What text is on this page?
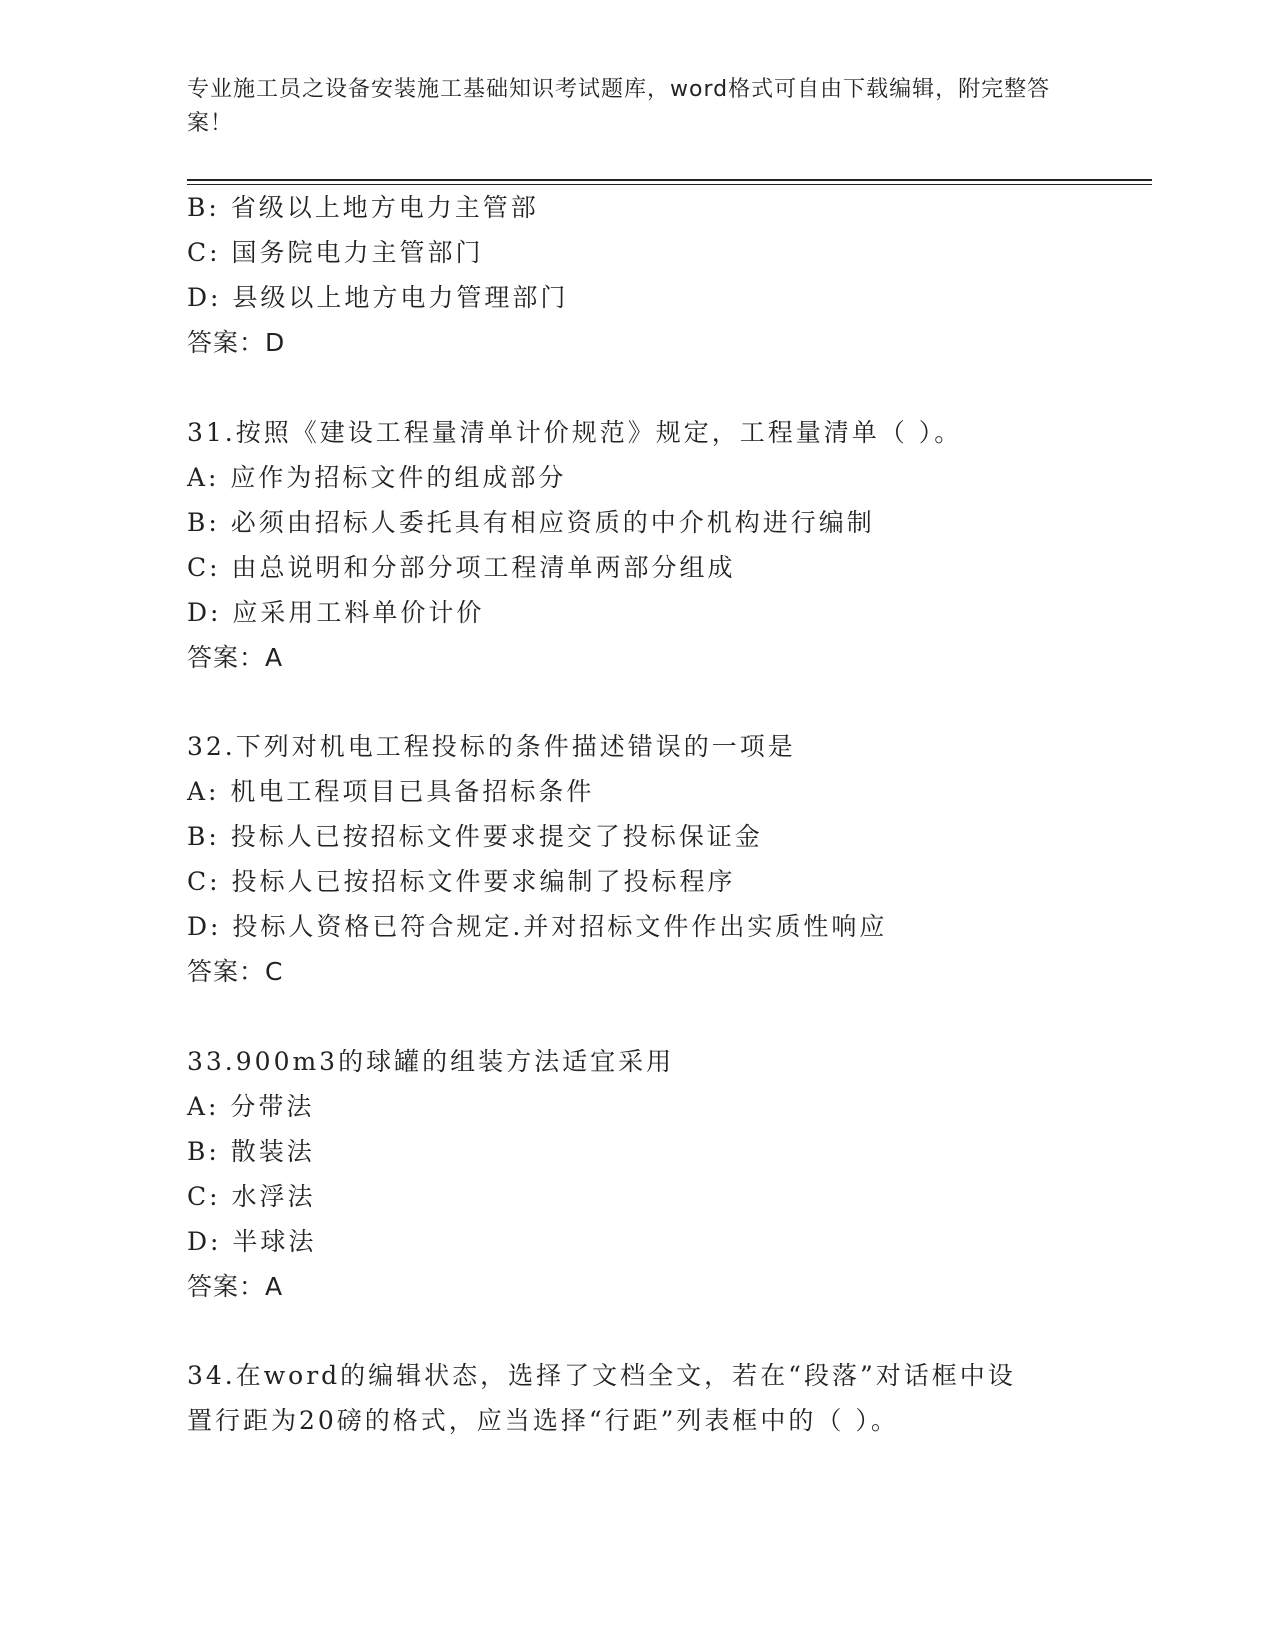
专业施工员之设备安装施工基础知识考试题库，word格式可自由下载编辑，附完整答案！
B: 省级以上地方电力主管部
C: 国务院电力主管部门
D: 县级以上地方电力管理部门
答案：D
31.按照《建设工程量清单计价规范》规定，工程量清单（ ）。
A: 应作为招标文件的组成部分
B: 必须由招标人委托具有相应资质的中介机构进行编制
C: 由总说明和分部分项工程清单两部分组成
D: 应采用工料单价计价
答案：A
32.下列对机电工程投标的条件描述错误的一项是
A: 机电工程项目已具备招标条件
B: 投标人已按招标文件要求提交了投标保证金
C: 投标人已按招标文件要求编制了投标程序
D: 投标人资格已符合规定.并对招标文件作出实质性响应
答案：C
33.900m3的球罐的组装方法适宜采用
A: 分带法
B: 散装法
C: 水浮法
D: 半球法
答案：A
34.在word的编辑状态，选择了文档全文，若在“段落”对话框中设
置行距为20磅的格式，应当选择“行距”列表框中的（ ）。
